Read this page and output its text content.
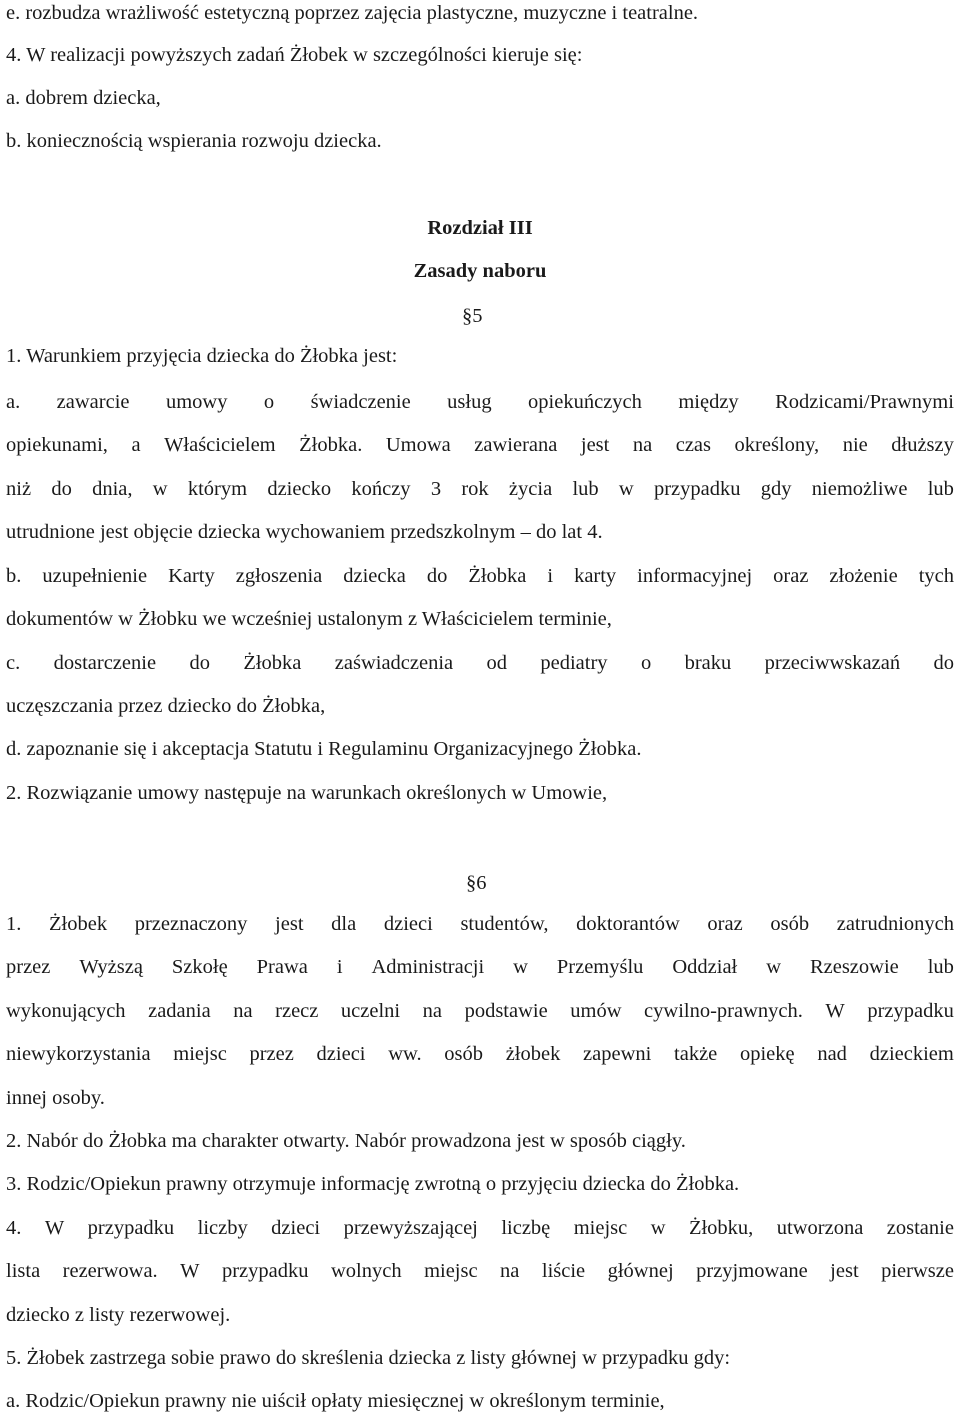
e. rozbudza wrażliwość estetyczną poprzez zajęcia plastyczne, muzyczne i teatralne.
4. W realizacji powyższych zadań Żłobek w szczególności kieruje się:
a. dobrem dziecka,
b. koniecznością wspierania rozwoju dziecka.
Rozdział III
Zasady naboru
§5
1. Warunkiem przyjęcia dziecka do Żłobka jest:
a. zawarcie umowy o świadczenie usług opiekuńczych między Rodzicami/Prawnymi
opiekunami, a Właścicielem Żłobka. Umowa zawierana jest na czas określony, nie dłuższy
niż do dnia, w którym dziecko kończy 3 rok życia lub w przypadku gdy niemożliwe lub
utrudnione jest objęcie dziecka wychowaniem przedszkolnym – do lat 4.
b. uzupełnienie Karty zgłoszenia dziecka do Żłobka i karty informacyjnej oraz złożenie tych
dokumentów w Żłobku we wcześniej ustalonym z Właścicielem terminie,
c. dostarczenie do Żłobka zaświadczenia od pediatry o braku przeciwwskazań do
uczęszczania przez dziecko do Żłobka,
d. zapoznanie się i akceptacja Statutu i Regulaminu Organizacyjnego Żłobka.
2. Rozwiązanie umowy następuje na warunkach określonych w Umowie,
§6
1. Żłobek przeznaczony jest dla dzieci studentów, doktorantów oraz osób zatrudnionych
przez Wyższą Szkołę Prawa i Administracji w Przemyślu Oddział w Rzeszowie lub
wykonujących zadania na rzecz uczelni na podstawie umów cywilno-prawnych. W przypadku
niewykorzystania miejsc przez dzieci ww. osób żłobek zapewni także opiekę nad dzieckiem
innej osoby.
2. Nabór do Żłobka ma charakter otwarty. Nabór prowadzona jest w sposób ciągły.
3. Rodzic/Opiekun prawny otrzymuje informację zwrotną o przyjęciu dziecka do Żłobka.
4. W przypadku liczby dzieci przewyższającej liczbę miejsc w Żłobku, utworzona zostanie
lista rezerwowa. W przypadku wolnych miejsc na liście głównej przyjmowane jest pierwsze
dziecko z listy rezerwowej.
5. Żłobek zastrzega sobie prawo do skreślenia dziecka z listy głównej w przypadku gdy:
a. Rodzic/Opiekun prawny nie uiścił opłaty miesięcznej w określonym terminie,
